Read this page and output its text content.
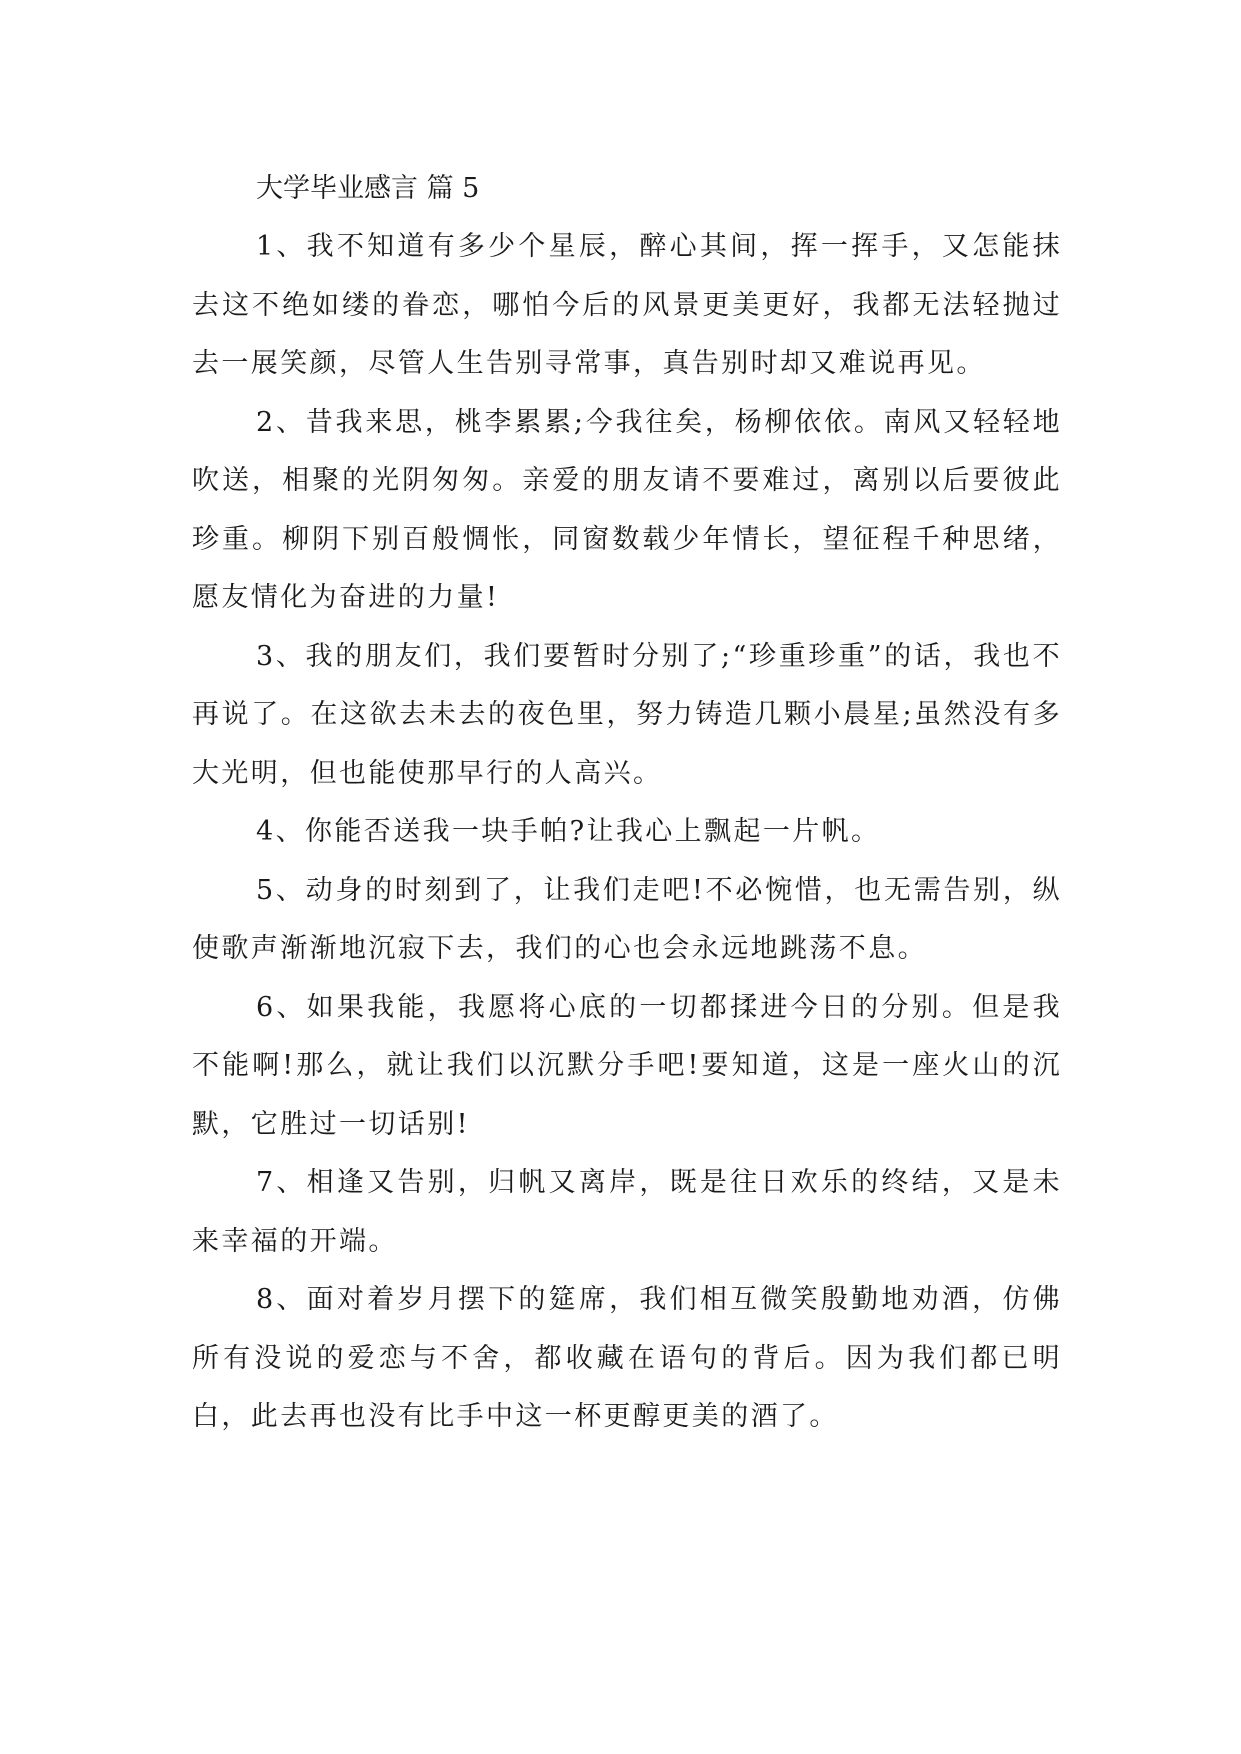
大学毕业感言 篇 5

1、我不知道有多少个星辰，醉心其间，挥一挥手，又怎能抹去这不绝如缕的眷恋，哪怕今后的风景更美更好，我都无法轻抛过去一展笑颜，尽管人生告别寻常事，真告别时却又难说再见。

2、昔我来思，桃李累累;今我往矣，杨柳依依。南风又轻轻地吹送，相聚的光阴匆匆。亲爱的朋友请不要难过，离别以后要彼此珍重。柳阴下别百般惆怅，同窗数载少年情长，望征程千种思绪，愿友情化为奋进的力量!

3、我的朋友们，我们要暂时分别了;“珍重珍重”的话，我也不再说了。在这欲去未去的夜色里，努力铸造几颗小晨星;虽然没有多大光明，但也能使那早行的人高兴。

4、你能否送我一块手帕?让我心上飘起一片帆。

5、动身的时刻到了，让我们走吧!不必惋惜，也无需告别，纵使歌声渐渐地沉寂下去，我们的心也会永远地跳荡不息。

6、如果我能，我愿将心底的一切都揉进今日的分别。但是我不能啊!那么，就让我们以沉默分手吧!要知道，这是一座火山的沉默，它胜过一切话别!

7、相逢又告别，归帆又离岸，既是往日欢乐的终结，又是未来幸福的开端。

8、面对着岁月摆下的筵席，我们相互微笑殷勤地劝酒，仿佛所有没说的爱恋与不舍，都收藏在语句的背后。因为我们都已明白，此去再也没有比手中这一杯更醇更美的酒了。
